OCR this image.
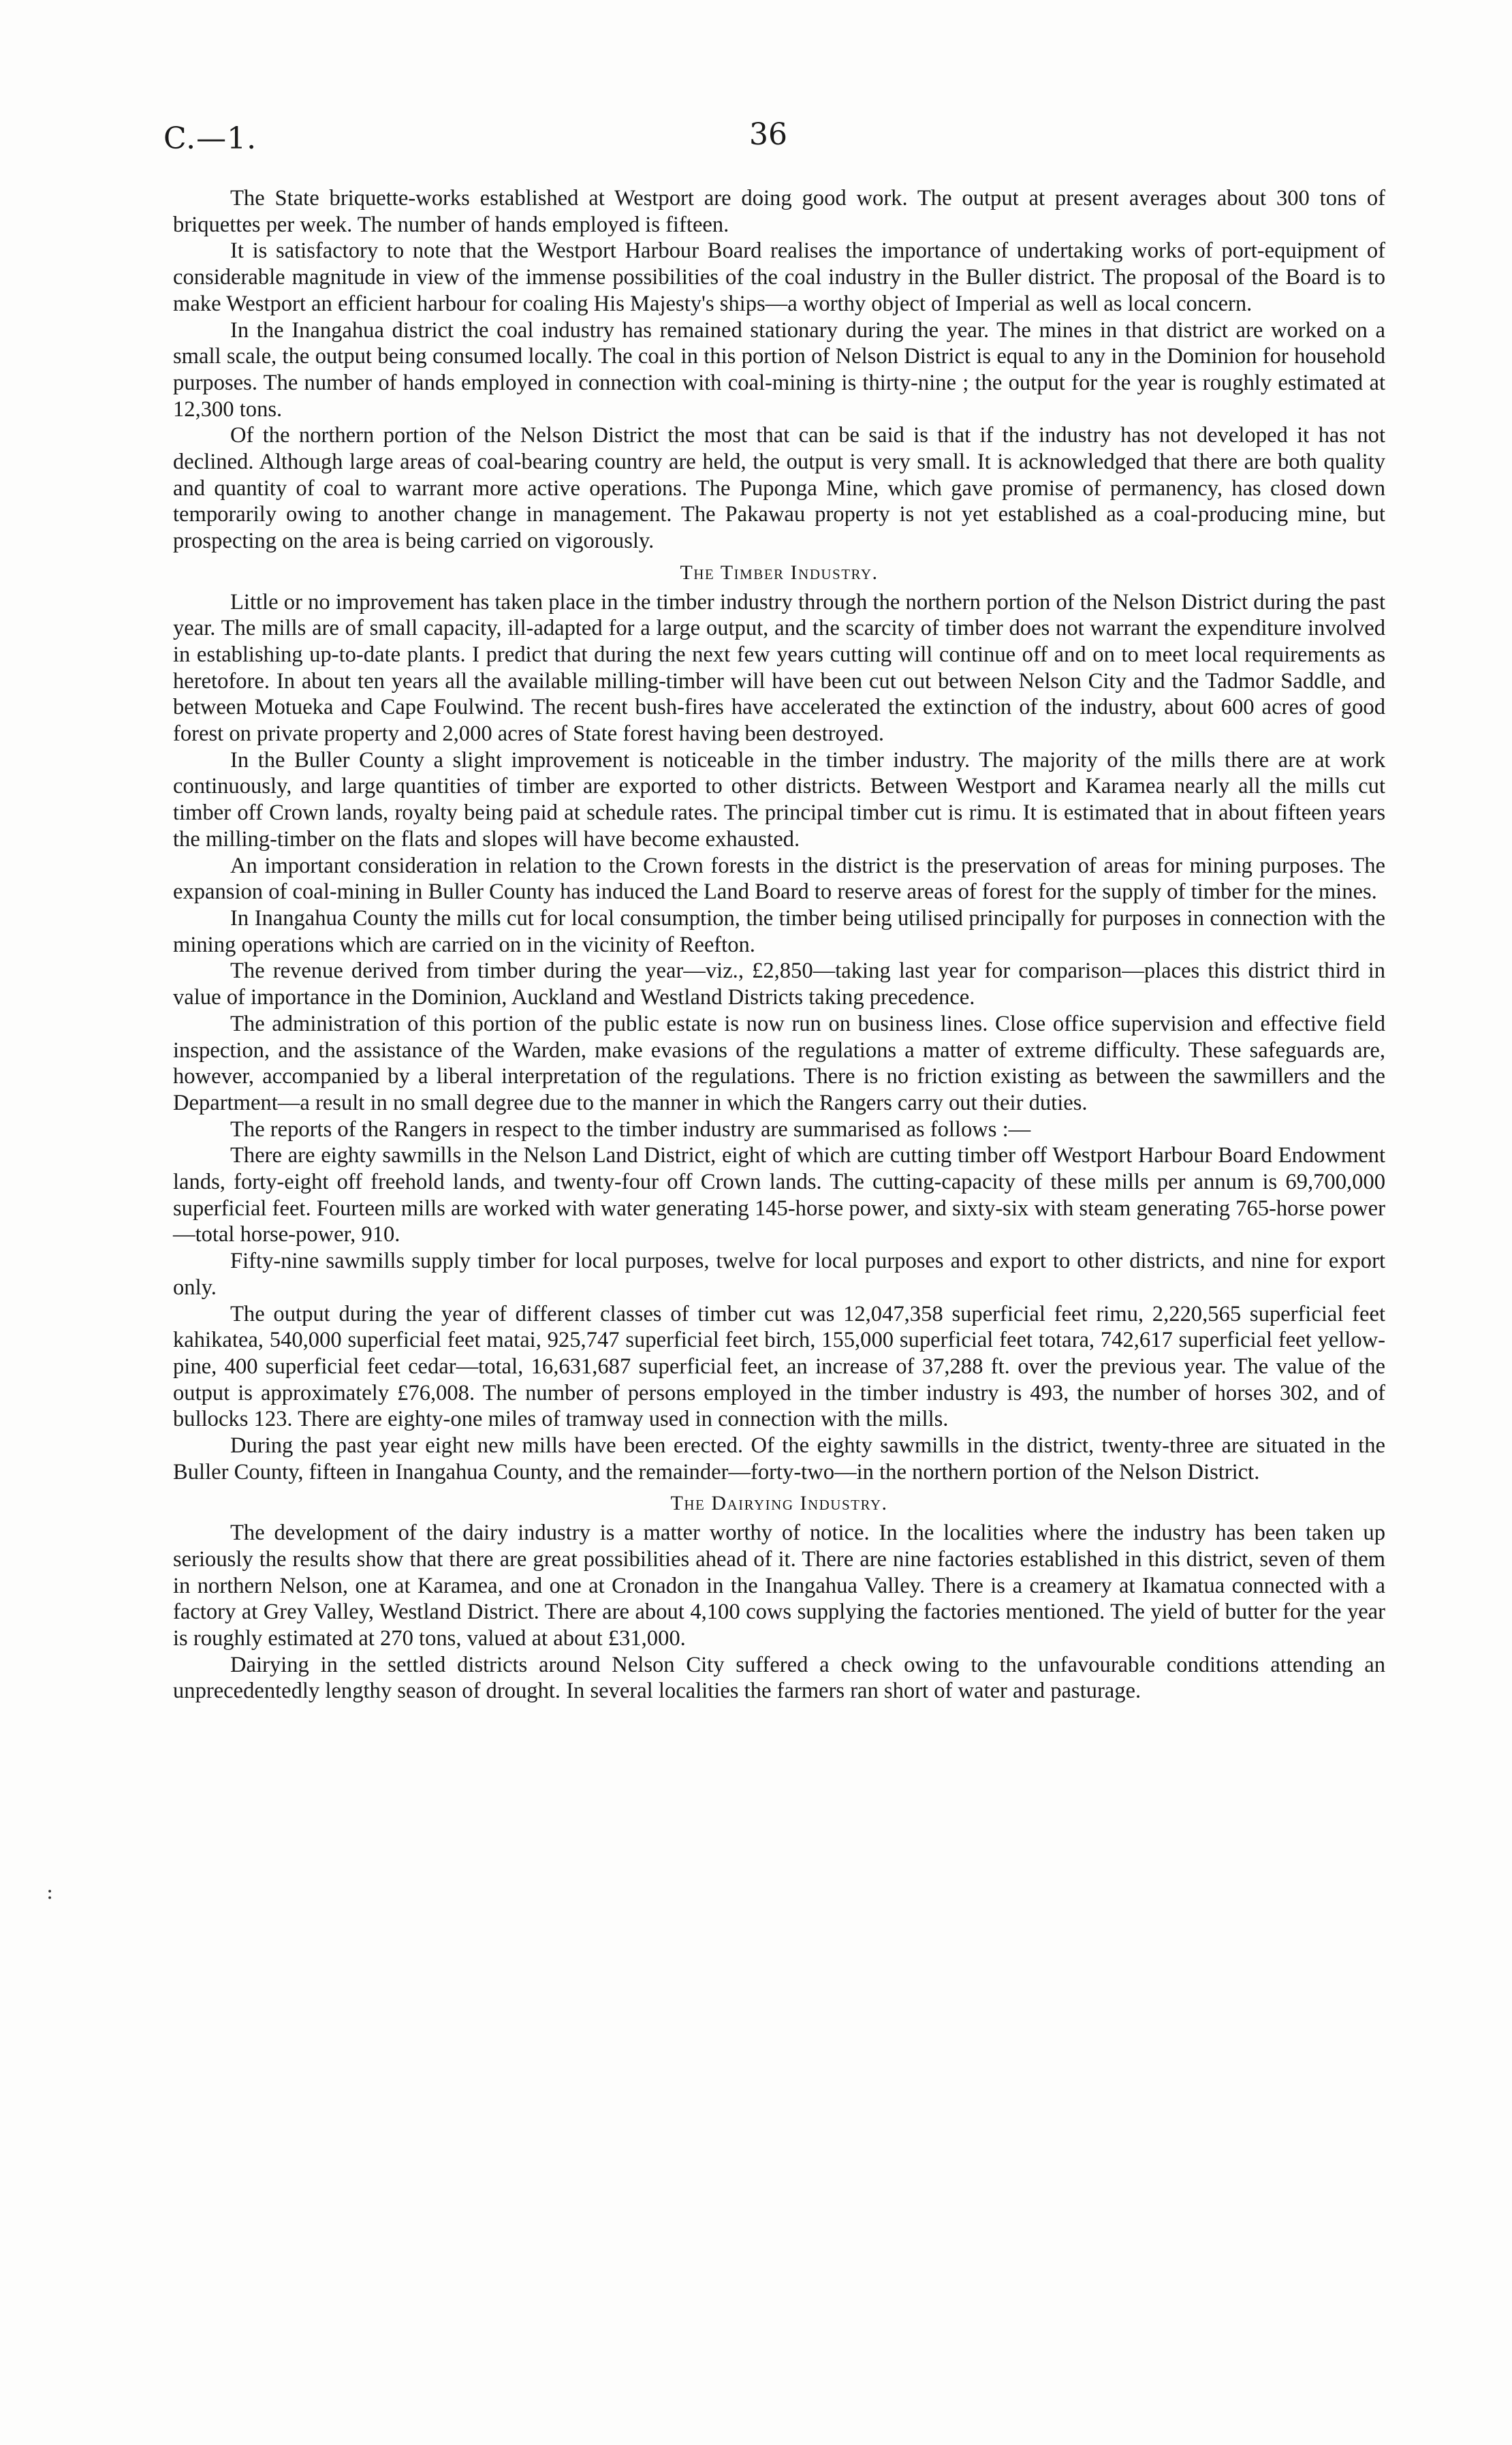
C.—1.	36
:

The State briquette-works established at Westport are doing good work. The output at present averages about 300 tons of briquettes per week. The number of hands employed is fifteen.

It is satisfactory to note that the Westport Harbour Board realises the importance of undertaking works of port-equipment of considerable magnitude in view of the immense possibilities of the coal industry in the Buller district. The proposal of the Board is to make Westport an efficient harbour for coaling His Majesty's ships—a worthy object of Imperial as well as local concern.

In the Inangahua district the coal industry has remained stationary during the year. The mines in that district are worked on a small scale, the output being consumed locally. The coal in this portion of Nelson District is equal to any in the Dominion for household purposes. The number of hands employed in connection with coal-mining is thirty-nine ; the output for the year is roughly estimated at 12,300 tons.

Of the northern portion of the Nelson District the most that can be said is that if the industry has not developed it has not declined. Although large areas of coal-bearing country are held, the output is very small. It is acknowledged that there are both quality and quantity of coal to warrant more active operations. The Puponga Mine, which gave promise of permanency, has closed down temporarily owing to another change in management. The Pakawau property is not yet established as a coal-producing mine, but prospecting on the area is being carried on vigorously.

The Timber Industry.

Little or no improvement has taken place in the timber industry through the northern portion of the Nelson District during the past year. The mills are of small capacity, ill-adapted for a large output, and the scarcity of timber does not warrant the expenditure involved in establishing up-to-date plants. I predict that during the next few years cutting will continue off and on to meet local requirements as heretofore. In about ten years all the available milling-timber will have been cut out between Nelson City and the Tadmor Saddle, and between Motueka and Cape Foulwind. The recent bush-fires have accelerated the extinction of the industry, about 600 acres of good forest on private property and 2,000 acres of State forest having been destroyed.

In the Buller County a slight improvement is noticeable in the timber industry. The majority of the mills there are at work continuously, and large quantities of timber are exported to other districts. Between Westport and Karamea nearly all the mills cut timber off Crown lands, royalty being paid at schedule rates. The principal timber cut is rimu. It is estimated that in about fifteen years the milling-timber on the flats and slopes will have become exhausted.

An important consideration in relation to the Crown forests in the district is the preservation of areas for mining purposes. The expansion of coal-mining in Buller County has induced the Land Board to reserve areas of forest for the supply of timber for the mines.

In Inangahua County the mills cut for local consumption, the timber being utilised principally for purposes in connection with the mining operations which are carried on in the vicinity of Reefton.

The revenue derived from timber during the year—viz., £2,850—taking last year for comparison—places this district third in value of importance in the Dominion, Auckland and Westland Districts taking precedence.

The administration of this portion of the public estate is now run on business lines. Close office supervision and effective field inspection, and the assistance of the Warden, make evasions of the regulations a matter of extreme difficulty. These safeguards are, however, accompanied by a liberal interpretation of the regulations. There is no friction existing as between the sawmillers and the Department—a result in no small degree due to the manner in which the Rangers carry out their duties.

The reports of the Rangers in respect to the timber industry are summarised as follows :—

There are eighty sawmills in the Nelson Land District, eight of which are cutting timber off Westport Harbour Board Endowment lands, forty-eight off freehold lands, and twenty-four off Crown lands. The cutting-capacity of these mills per annum is 69,700,000 superficial feet. Fourteen mills are worked with water generating 145-horse power, and sixty-six with steam generating 765-horse power —total horse-power, 910.

Fifty-nine sawmills supply timber for local purposes, twelve for local purposes and export to other districts, and nine for export only.

The output during the year of different classes of timber cut was 12,047,358 superficial feet rimu, 2,220,565 superficial feet kahikatea, 540,000 superficial feet matai, 925,747 superficial feet birch, 155,000 superficial feet totara, 742,617 superficial feet yellow-pine, 400 superficial feet cedar—total, 16,631,687 superficial feet, an increase of 37,288 ft. over the previous year. The value of the output is approximately £76,008. The number of persons employed in the timber industry is 493, the number of horses 302, and of bullocks 123. There are eighty-one miles of tramway used in connection with the mills.

During the past year eight new mills have been erected. Of the eighty sawmills in the district, twenty-three are situated in the Buller County, fifteen in Inangahua County, and the remainder—forty-two—in the northern portion of the Nelson District.

The Dairying Industry.

The development of the dairy industry is a matter worthy of notice. In the localities where the industry has been taken up seriously the results show that there are great possibilities ahead of it. There are nine factories established in this district, seven of them in northern Nelson, one at Karamea, and one at Cronadon in the Inangahua Valley. There is a creamery at Ikamatua connected with a factory at Grey Valley, Westland District. There are about 4,100 cows supplying the factories mentioned. The yield of butter for the year is roughly estimated at 270 tons, valued at about £31,000.

Dairying in the settled districts around Nelson City suffered a check owing to the unfavourable conditions attending an unprecedentedly lengthy season of drought. In several localities the farmers ran short of water and pasturage.
